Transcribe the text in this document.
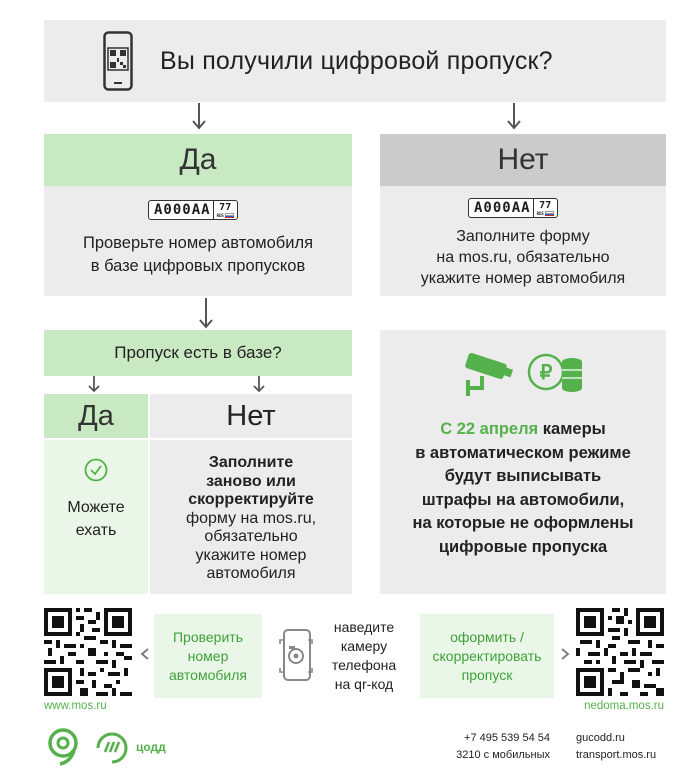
Вы получили цифровой пропуск?
Да
А000АА 77
RUS
Проверьте номер автомобиля
в базе цифровых пропусков
Нет
А000АА 77
RUS
Заполните форму
на mos.ru, обязательно
укажите номер автомобиля
Пропуск есть в базе?
Да	Нет
Можете
ехать
Заполните
заново или
скорректируйте
форму на mos.ru,
обязательно
укажите номер
автомобиля
₽
С 22 апреля камеры
в автоматическом режиме
будут выписывать
штрафы на автомобили,
на которые не оформлены
цифровые пропуска
www.mos.ru
Проверить
номер
автомобиля
наведите
камеру
телефона
на qr-код
оформить /
скорректировать
пропуск
nedoma.mos.ru
цодд
+7 495 539 54 54
3210 с мобильных
gucodd.ru
transport.mos.ru
